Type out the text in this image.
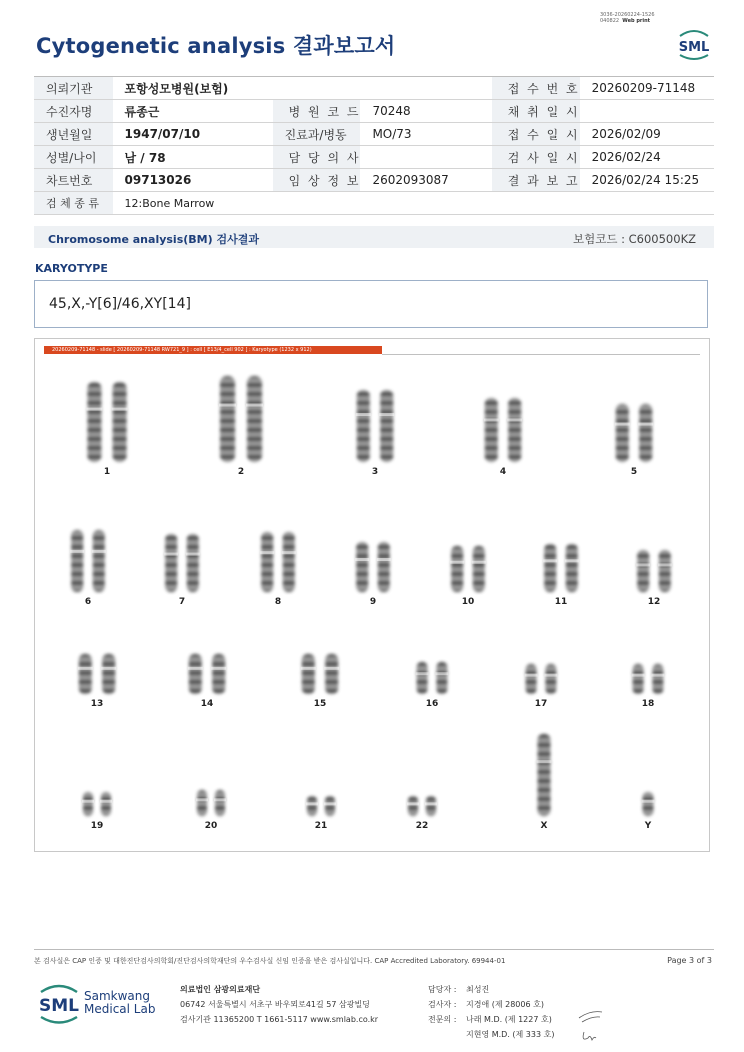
Cytogenetic analysis 결과보고서
3036-20260224-1526
040822 Web print
SML
의뢰기관	포항성모병원(보험)			접 수 번 호	20260209-71148
수진자명	류종근	병 원 코 드	70248	채 취 일 시	
생년월일	1947/07/10	진료과/병동	MO/73	접 수 일 시	2026/02/09
성별/나이	남 / 78	담 당 의 사		검 사 일 시	2026/02/24
차트번호	09713026	임 상 정 보	2602093087	결 과 보 고	2026/02/24 15:25
검 체 종 류	12:Bone Marrow				
Chromosome analysis(BM) 검사결과	보험코드 : C600500KZ
KARYOTYPE
45,X,-Y[6]/46,XY[14]
20260209-71148 - slide [ 20260209-71148 RW721_9 ] : cell [ E13/4_cell 902 ] : Karyotype (1232 x 912)
1	2	3	4	5
6	7	8	9	10	11	12
13	14	15	16	17	18
19	20	21	22	X	Y
본 검사실은 CAP 인증 및 대한진단검사의학회/진단검사의학재단의 우수검사실 신임 인증을 받은 검사실입니다. CAP Accredited Laboratory. 69944-01	Page 3 of 3
SML Samkwang
Medical Lab
의료법인 삼광의료재단
06742 서울특별시 서초구 바우뫼로41길 57 삼광빌딩
검사기관 11365200 T 1661-5117 www.smlab.co.kr
담당자 : 최성진
검사자 : 지경애 (제 28006 호)
전문의 : 나래 M.D. (제 1227 호)
지현영 M.D. (제 333 호)
